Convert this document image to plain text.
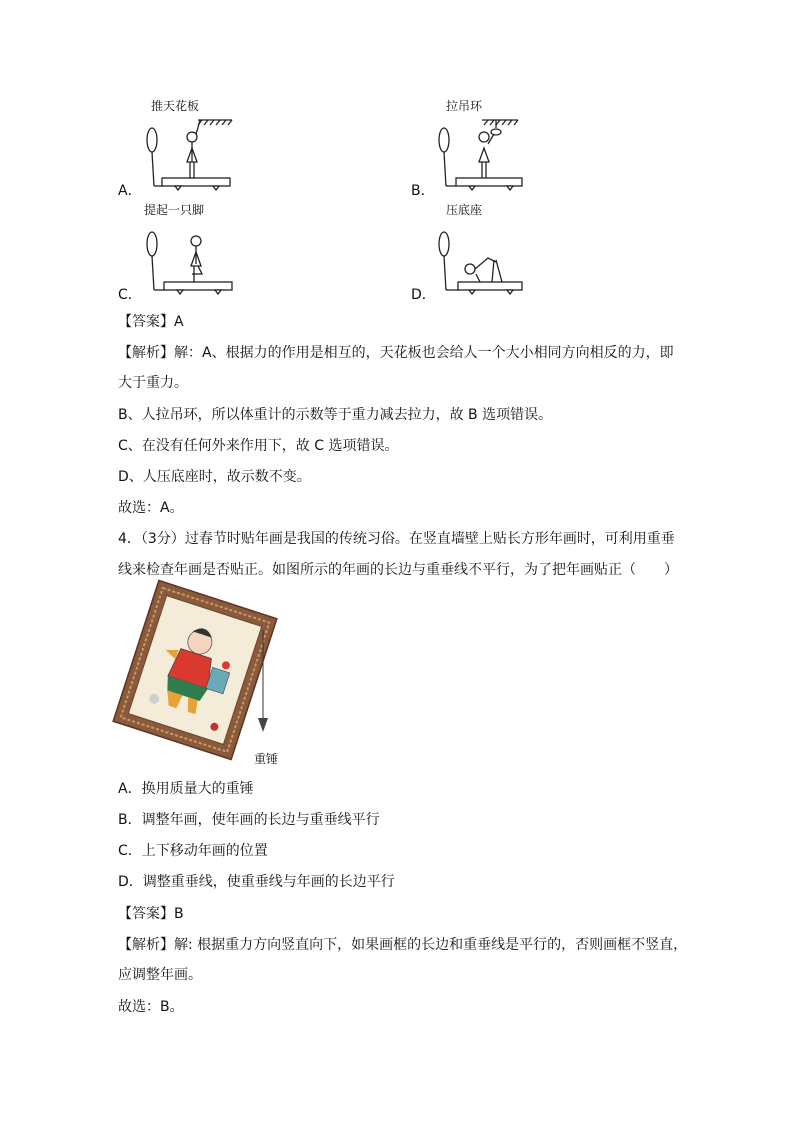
推天花板
A．
拉吊环
B．
提起一只脚
C．
压底座
D．
【答案】A
【解析】解：A、根据力的作用是相互的，天花板也会给人一个大小相同方向相反的力，即
大于重力。
B、人拉吊环，所以体重计的示数等于重力减去拉力，故 B 选项错误。
C、在没有任何外来作用下，故 C 选项错误。
D、人压底座时，故示数不变。
故选：A。
4．（3分）过春节时贴年画是我国的传统习俗。在竖直墙壁上贴长方形年画时，可利用重垂
线来检查年画是否贴正。如图所示的年画的长边与重垂线不平行，为了把年画贴正（　　）
重锤
A．换用质量大的重锤
B．调整年画，使年画的长边与重垂线平行
C．上下移动年画的位置
D．调整重垂线，使重垂线与年画的长边平行
【答案】B
【解析】解: 根据重力方向竖直向下，如果画框的长边和重垂线是平行的，否则画框不竖直，
应调整年画。
故选：B。
